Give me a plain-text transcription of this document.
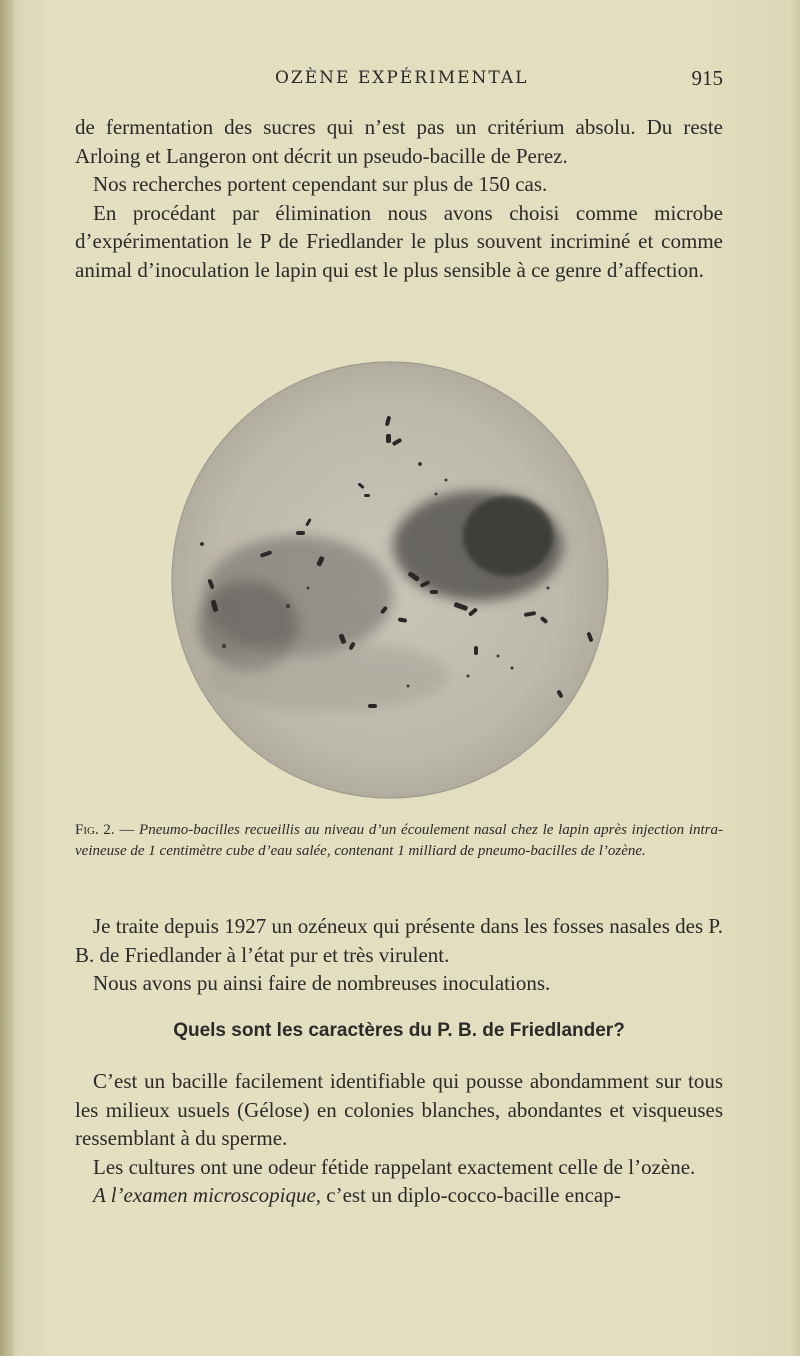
OZÈNE EXPÉRIMENTAL	915

de fermentation des sucres qui n’est pas un critérium absolu. Du reste Arloing et Langeron ont décrit un pseudo-bacille de Perez.

Nos recherches portent cependant sur plus de 150 cas.

En procédant par élimination nous avons choisi comme microbe d’expérimentation le P de Friedlander le plus souvent incriminé et comme animal d’inoculation le lapin qui est le plus sensible à ce genre d’affection.

Fig. 2. — Pneumo-bacilles recueillis au niveau d’un écoulement nasal chez le lapin après injection intra-veineuse de 1 centimètre cube d’eau salée, contenant 1 milliard de pneumo-bacilles de l’ozène.

Je traite depuis 1927 un ozéneux qui présente dans les fosses nasales des P. B. de Friedlander à l’état pur et très virulent.

Nous avons pu ainsi faire de nombreuses inoculations.

Quels sont les caractères du P. B. de Friedlander?

C’est un bacille facilement identifiable qui pousse abondamment sur tous les milieux usuels (Gélose) en colonies blanches, abondantes et visqueuses ressemblant à du sperme.

Les cultures ont une odeur fétide rappelant exactement celle de l’ozène.

A l’examen microscopique, c’est un diplo-cocco-bacille encap-
